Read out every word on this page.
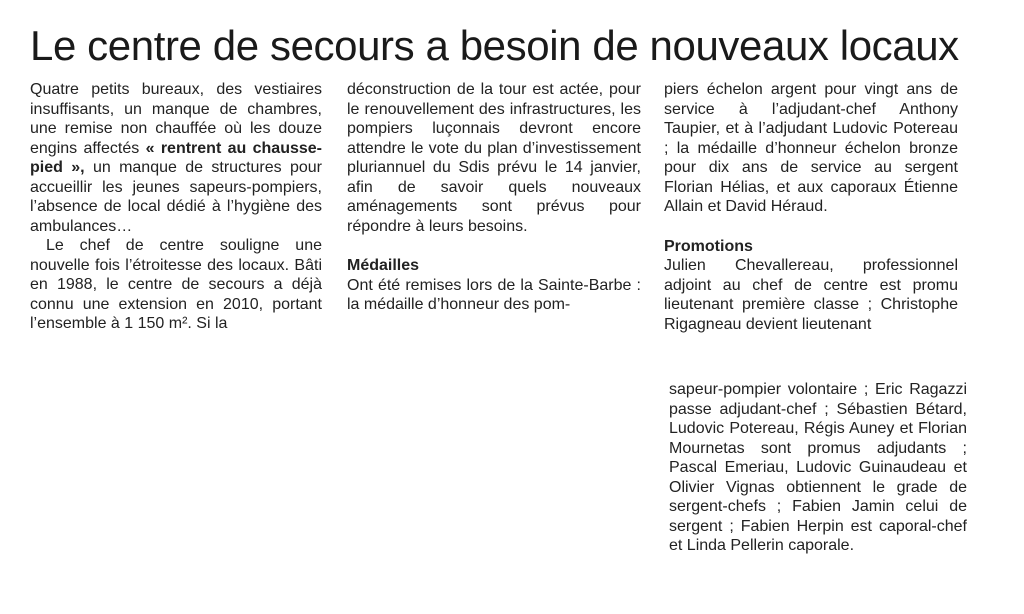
Le centre de secours a besoin de nouveaux locaux

Quatre petits bureaux, des vestiaires insuffisants, un manque de chambres, une remise non chauffée où les douze engins affectés « rentrent au chausse-pied », un manque de structures pour accueillir les jeunes sapeurs-pompiers, l’absence de local dédié à l’hygiène des ambulances…

Le chef de centre souligne une nouvelle fois l’étroitesse des locaux. Bâti en 1988, le centre de secours a déjà connu une extension en 2010, portant l’ensemble à 1 150 m². Si la

déconstruction de la tour est actée, pour le renouvellement des infrastructures, les pompiers luçonnais devront encore attendre le vote du plan d’investissement pluriannuel du Sdis prévu le 14 janvier, afin de savoir quels nouveaux aménagements sont prévus pour répondre à leurs besoins.

Médailles

Ont été remises lors de la Sainte-Barbe : la médaille d’honneur des pom-

piers échelon argent pour vingt ans de service à l’adjudant-chef Anthony Taupier, et à l’adjudant Ludovic Potereau ; la médaille d’honneur échelon bronze pour dix ans de service au sergent Florian Hélias, et aux caporaux Étienne Allain et David Héraud.

Promotions

Julien Chevallereau, professionnel adjoint au chef de centre est promu lieutenant première classe ; Christophe Rigagneau devient lieutenant

sapeur-pompier volontaire ; Eric Ragazzi passe adjudant-chef ; Sébastien Bétard, Ludovic Potereau, Régis Auney et Florian Mournetas sont promus adjudants ; Pascal Emeriau, Ludovic Guinaudeau et Olivier Vignas obtiennent le grade de sergent-chefs ; Fabien Jamin celui de sergent ; Fabien Herpin est caporal-chef et Linda Pellerin caporale.
